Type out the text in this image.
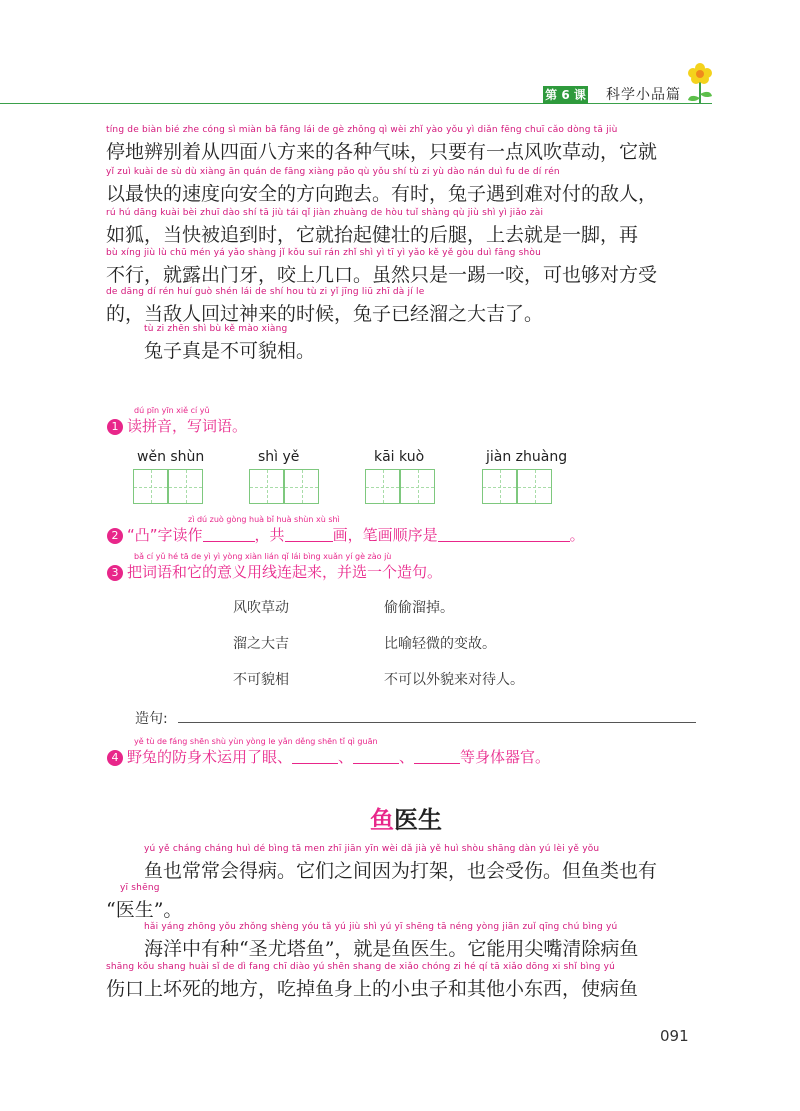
第 6 课 科学小品篇
tíng de biàn bié zhe cóng sì miàn bā fāng lái de gè zhǒng qì wèi zhǐ yào yǒu yì diǎn fēng chuī cǎo dòng tā jiù
停地辨别着从四面八方来的各种气味，只要有一点风吹草动，它就
yǐ zuì kuài de sù dù xiàng ān quán de fāng xiàng pǎo qù yǒu shí tù zi yù dào nán duì fu de dí rén
以最快的速度向安全的方向跑去。有时，兔子遇到难对付的敌人，
rú hú dāng kuài bèi zhuī dào shí tā jiù tái qǐ jiàn zhuàng de hòu tuǐ shàng qù jiù shì yì jiǎo zài
如狐，当快被追到时，它就抬起健壮的后腿，上去就是一脚，再
bù xíng jiù lù chū mén yá yǎo shàng jǐ kǒu suī rán zhǐ shì yì tī yì yǎo kě yě gòu duì fāng shòu
不行，就露出门牙，咬上几口。虽然只是一踢一咬，可也够对方受
de dāng dí rén huí guò shén lái de shí hou tù zi yǐ jīng liū zhī dà jí le
的，当敌人回过神来的时候，兔子已经溜之大吉了。
tù zi zhēn shì bù kě mào xiàng
兔子真是不可貌相。
dú pīn yīn xiě cí yǔ
1 读拼音，写词语。
wěn shùn	shì yě	kāi kuò	jiàn zhuàng
zì dú zuò gòng huà bǐ huà shùn xù shì
2 “凸”字读作	，共	画，笔画顺序是	。
bǎ cí yǔ hé tā de yì yì yòng xiàn lián qǐ lái bìng xuǎn yí gè zào jù
3 把词语和它的意义用线连起来，并选一个造句。
风吹草动
溜之大吉
不可貌相
偷偷溜掉。
比喻轻微的变故。
不可以外貌来对待人。
造句:
yě tù de fáng shēn shù yùn yòng le yǎn děng shēn tǐ qì guān
4 野兔的防身术运用了眼、	、	、	等身体器官。
鱼医生
yú yě cháng cháng huì dé bìng tā men zhī jiān yīn wèi dǎ jià yě huì shòu shāng dàn yú lèi yě yǒu
鱼也常常会得病。它们之间因为打架，也会受伤。但鱼类也有
yī shēng
“医生”。
hǎi yáng zhōng yǒu zhǒng shèng yóu tǎ yú jiù shì yú yī shēng tā néng yòng jiān zuǐ qīng chú bìng yú
海洋中有种“圣尤塔鱼”，就是鱼医生。它能用尖嘴清除病鱼
shāng kǒu shang huài sǐ de dì fang chī diào yú shēn shang de xiǎo chóng zi hé qí tā xiǎo dōng xi shǐ bìng yú
伤口上坏死的地方，吃掉鱼身上的小虫子和其他小东西，使病鱼
091
